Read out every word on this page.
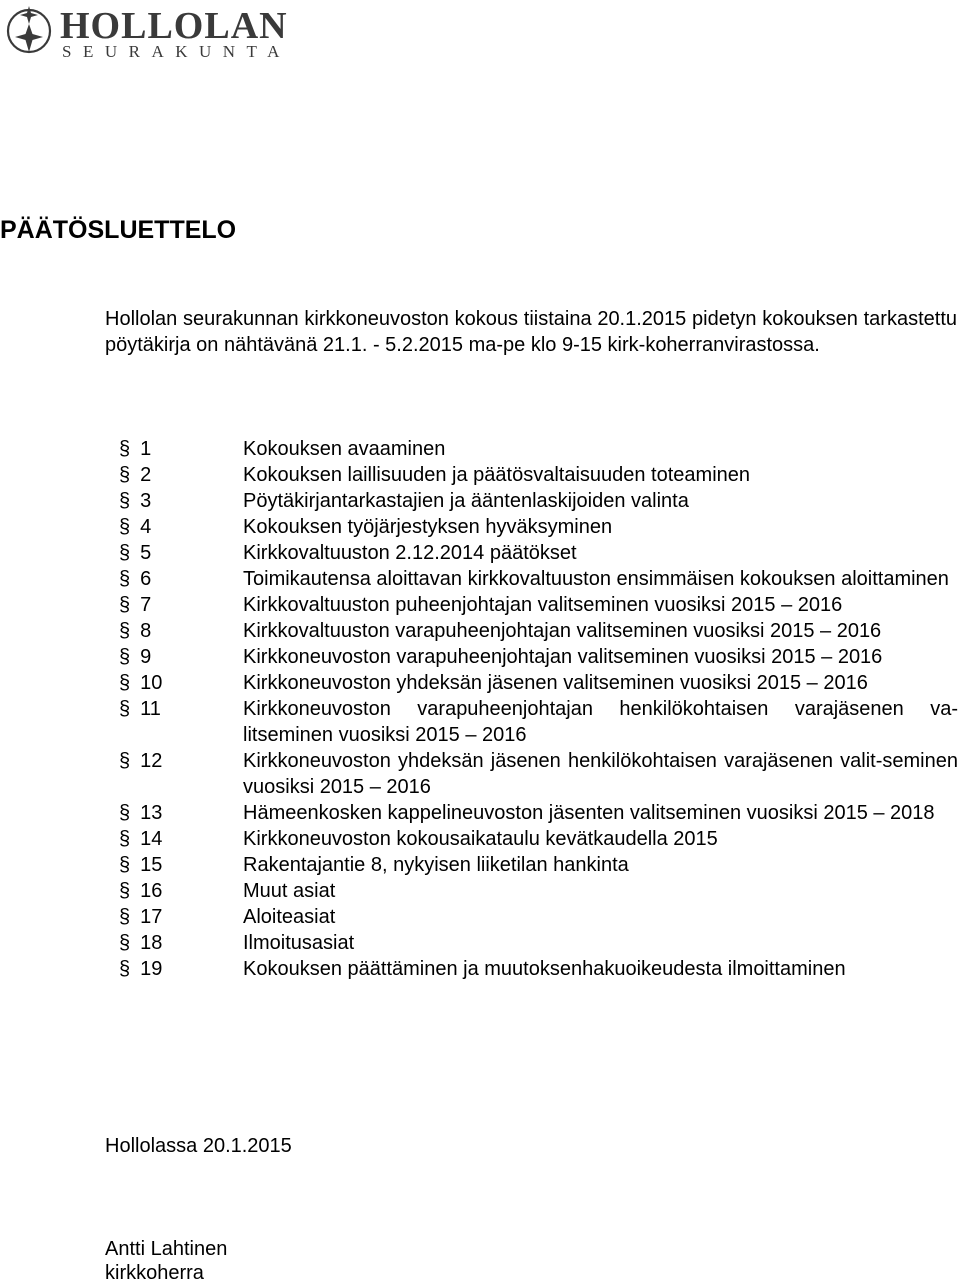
HOLLOLAN
SEURAKUNTA
PÄÄTÖSLUETTELO

Hollolan seurakunnan kirkkoneuvoston kokous tiistaina 20.1.2015 pidetyn kokouksen tarkastettu pöytäkirja on nähtävänä 21.1. - 5.2.2015 ma-pe klo 9-15 kirk-koherranvirastossa.

§ 1	Kokouksen avaaminen
§ 2	Kokouksen laillisuuden ja päätösvaltaisuuden toteaminen
§ 3	Pöytäkirjantarkastajien ja ääntenlaskijoiden valinta
§ 4	Kokouksen työjärjestyksen hyväksyminen
§ 5	Kirkkovaltuuston 2.12.2014 päätökset
§ 6	Toimikautensa aloittavan kirkkovaltuuston ensimmäisen kokouksen aloittaminen
§ 7	Kirkkovaltuuston puheenjohtajan valitseminen vuosiksi 2015 – 2016
§ 8	Kirkkovaltuuston varapuheenjohtajan valitseminen vuosiksi 2015 – 2016
§ 9	Kirkkoneuvoston varapuheenjohtajan valitseminen vuosiksi 2015 – 2016
§ 10	Kirkkoneuvoston yhdeksän jäsenen valitseminen vuosiksi 2015 – 2016
§ 11	Kirkkoneuvoston varapuheenjohtajan henkilökohtaisen varajäsenen va-litseminen vuosiksi 2015 – 2016
§ 12	Kirkkoneuvoston yhdeksän jäsenen henkilökohtaisen varajäsenen valit-seminen vuosiksi 2015 – 2016
§ 13	Hämeenkosken kappelineuvoston jäsenten valitseminen vuosiksi 2015 – 2018
§ 14	Kirkkoneuvoston kokousaikataulu kevätkaudella 2015
§ 15	Rakentajantie 8, nykyisen liiketilan hankinta
§ 16	Muut asiat
§ 17	Aloiteasiat
§ 18	Ilmoitusasiat
§ 19	Kokouksen päättäminen ja muutoksenhakuoikeudesta ilmoittaminen

Hollolassa 20.1.2015

Antti Lahtinen

kirkkoherra
